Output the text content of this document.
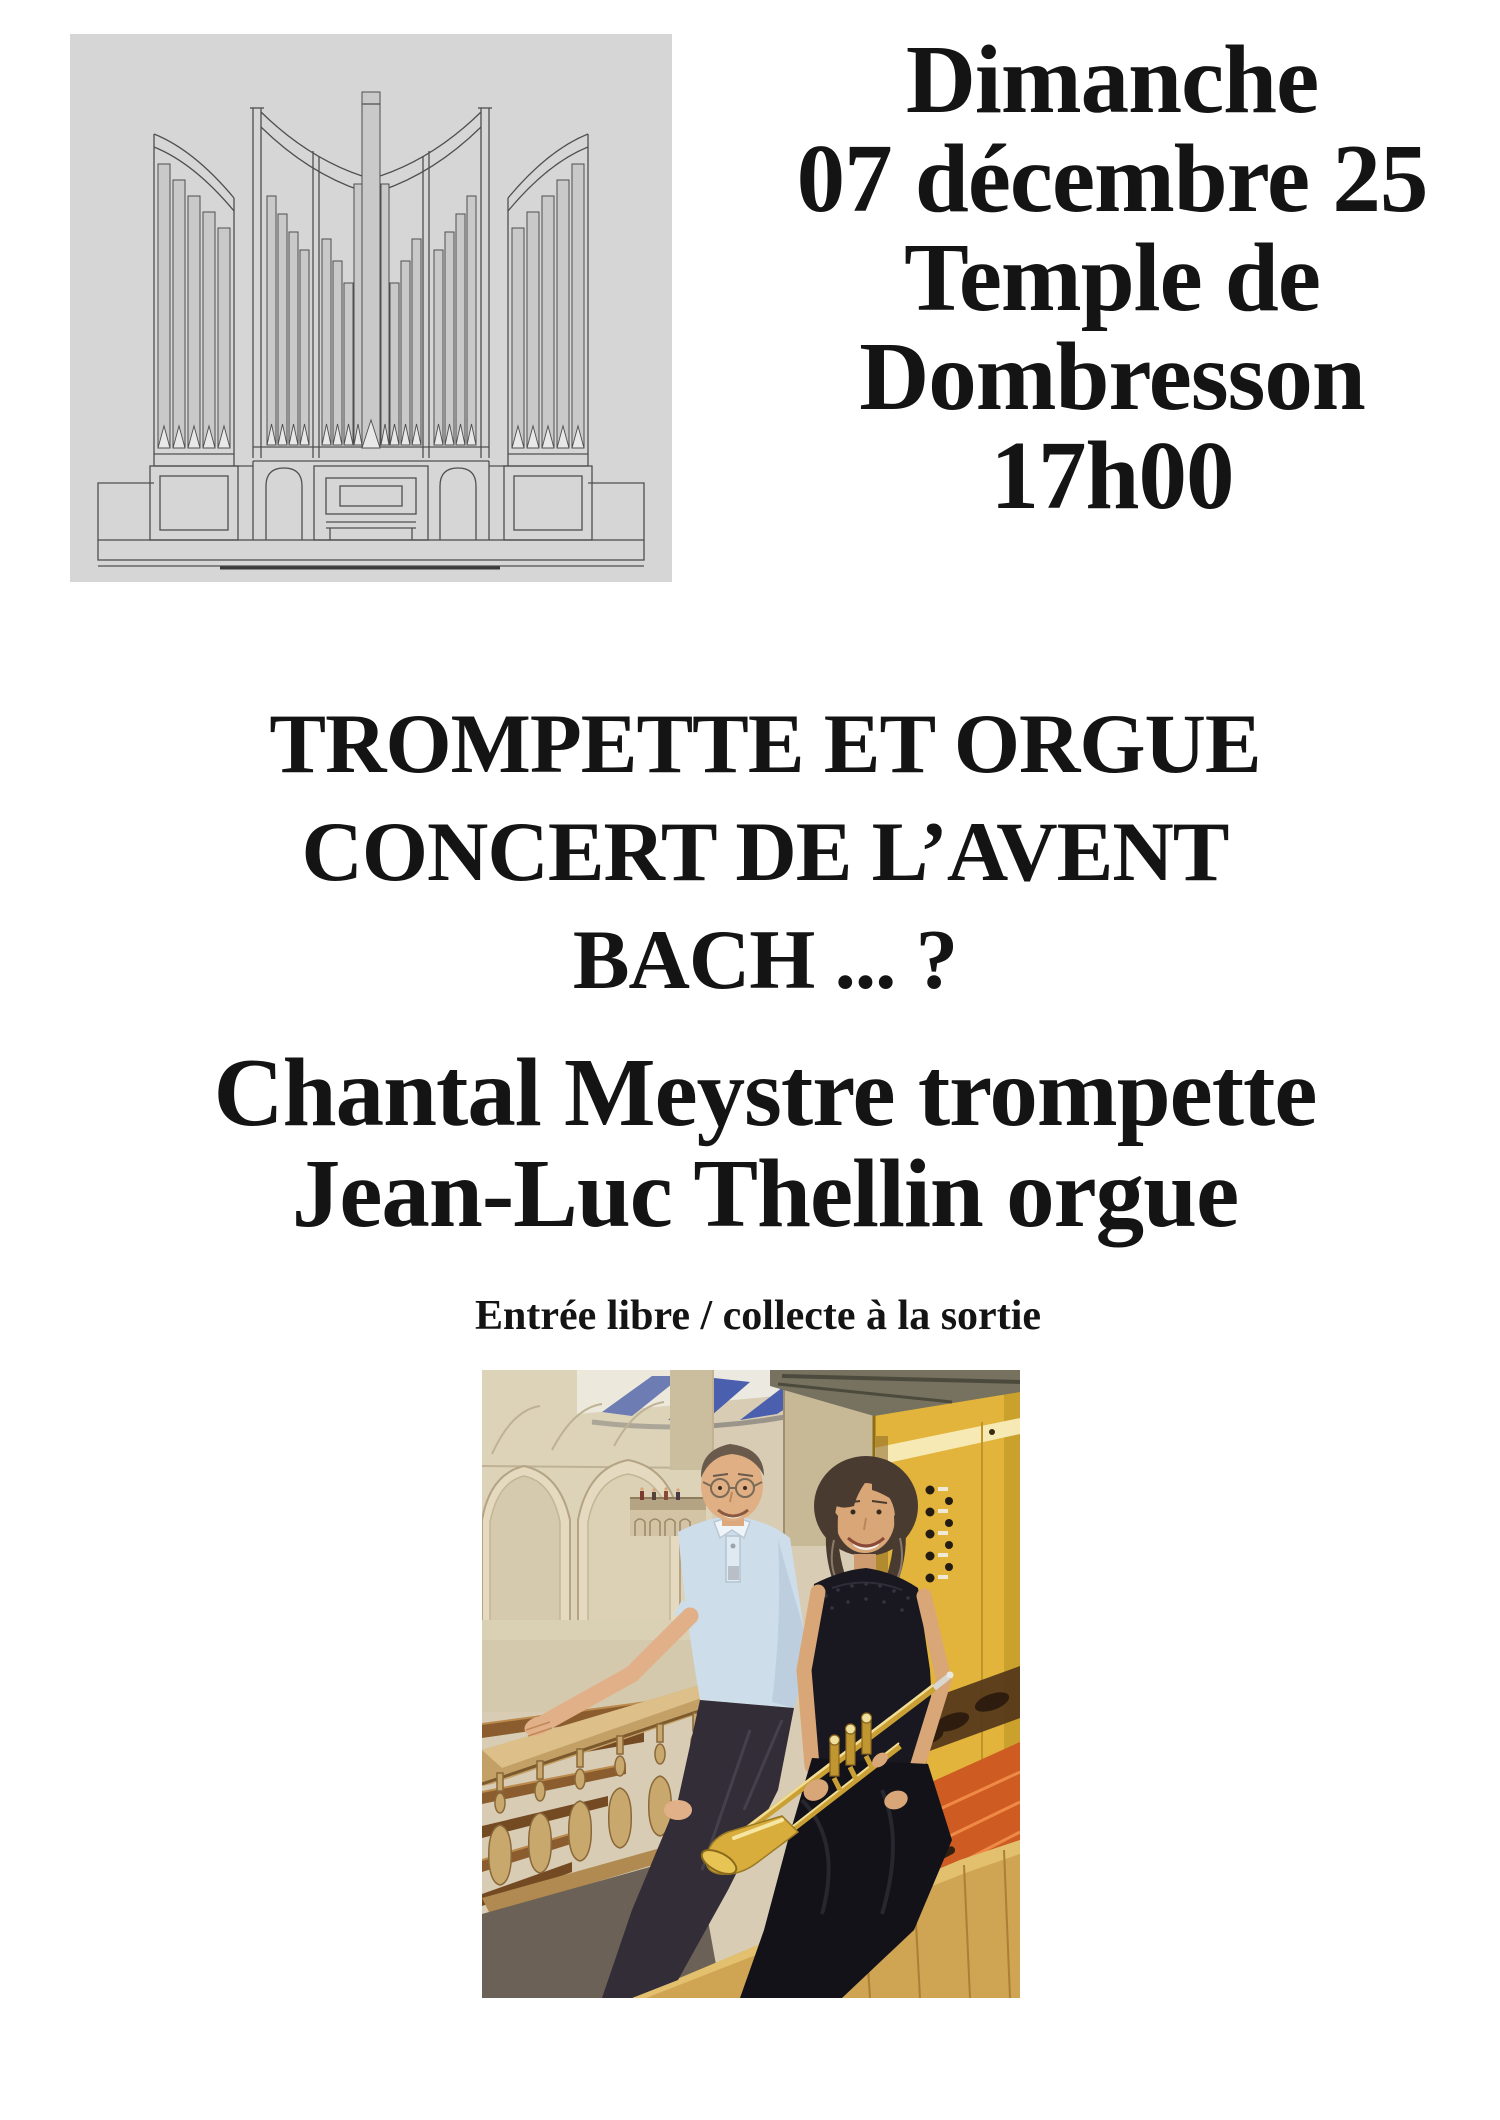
Dimanche
07 décembre 25
Temple de
Dombresson
17h00
TROMPETTE ET ORGUE
CONCERT DE L’AVENT
BACH ... ?
Chantal Meystre trompette
Jean-Luc Thellin orgue
Entrée libre / collecte à la sortie
